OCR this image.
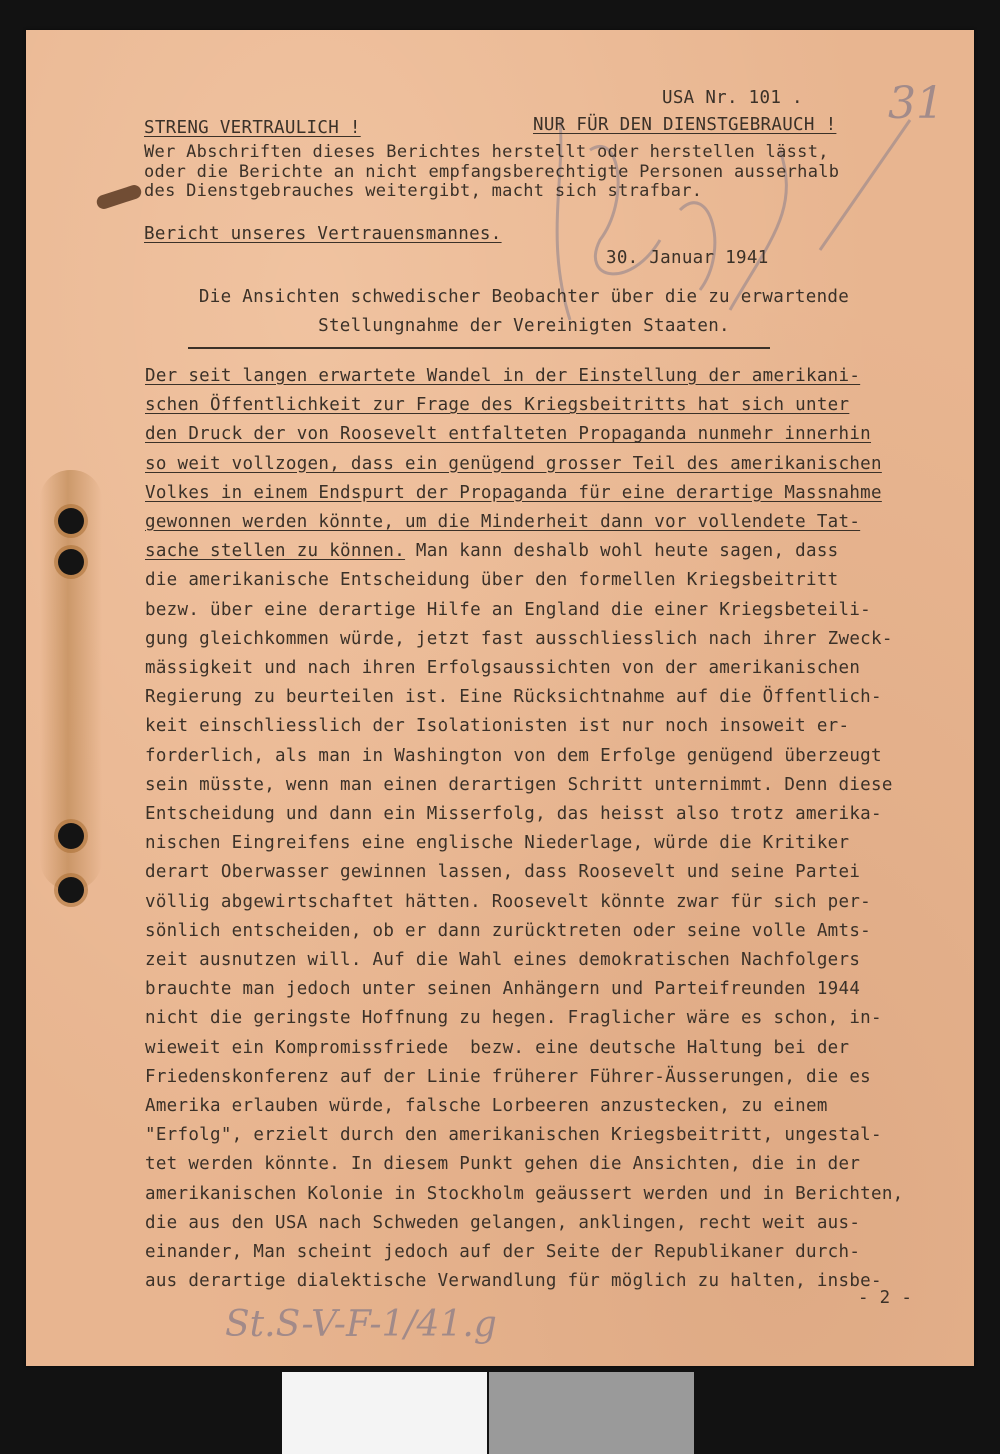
31
USA Nr. 101 .
STRENG VERTRAULICH !	NUR FÜR DEN DIENSTGEBRAUCH !
Wer Abschriften dieses Berichtes herstellt oder herstellen lässt,
oder die Berichte an nicht empfangsberechtigte Personen ausserhalb
des Dienstgebrauches weitergibt, macht sich strafbar.
Bericht unseres Vertrauensmannes.
30. Januar 1941
Die Ansichten schwedischer Beobachter über die zu erwartende
Stellungnahme der Vereinigten Staaten.
Der seit langen erwartete Wandel in der Einstellung der amerikani-
schen Öffentlichkeit zur Frage des Kriegsbeitritts hat sich unter
den Druck der von Roosevelt entfalteten Propaganda nunmehr innerhin
so weit vollzogen, dass ein genügend grosser Teil des amerikanischen
Volkes in einem Endspurt der Propaganda für eine derartige Massnahme
gewonnen werden könnte, um die Minderheit dann vor vollendete Tat-
sache stellen zu können. Man kann deshalb wohl heute sagen, dass
die amerikanische Entscheidung über den formellen Kriegsbeitritt
bezw. über eine derartige Hilfe an England die einer Kriegsbeteili-
gung gleichkommen würde, jetzt fast ausschliesslich nach ihrer Zweck-
mässigkeit und nach ihren Erfolgsaussichten von der amerikanischen
Regierung zu beurteilen ist. Eine Rücksichtnahme auf die Öffentlich-
keit einschliesslich der Isolationisten ist nur noch insoweit er-
forderlich, als man in Washington von dem Erfolge genügend überzeugt
sein müsste, wenn man einen derartigen Schritt unternimmt. Denn diese
Entscheidung und dann ein Misserfolg, das heisst also trotz amerika-
nischen Eingreifens eine englische Niederlage, würde die Kritiker
derart Oberwasser gewinnen lassen, dass Roosevelt und seine Partei
völlig abgewirtschaftet hätten. Roosevelt könnte zwar für sich per-
sönlich entscheiden, ob er dann zurücktreten oder seine volle Amts-
zeit ausnutzen will. Auf die Wahl eines demokratischen Nachfolgers
brauchte man jedoch unter seinen Anhängern und Parteifreunden 1944
nicht die geringste Hoffnung zu hegen. Fraglicher wäre es schon, in-
wieweit ein Kompromissfriede  bezw. eine deutsche Haltung bei der
Friedenskonferenz auf der Linie früherer Führer-Äusserungen, die es
Amerika erlauben würde, falsche Lorbeeren anzustecken, zu einem
"Erfolg", erzielt durch den amerikanischen Kriegsbeitritt, ungestal-
tet werden könnte. In diesem Punkt gehen die Ansichten, die in der
amerikanischen Kolonie in Stockholm geäussert werden und in Berichten,
die aus den USA nach Schweden gelangen, anklingen, recht weit aus-
einander, Man scheint jedoch auf der Seite der Republikaner durch-
aus derartige dialektische Verwandlung für möglich zu halten, insbe-
- 2 -
St.S-V-F-1/41.g
